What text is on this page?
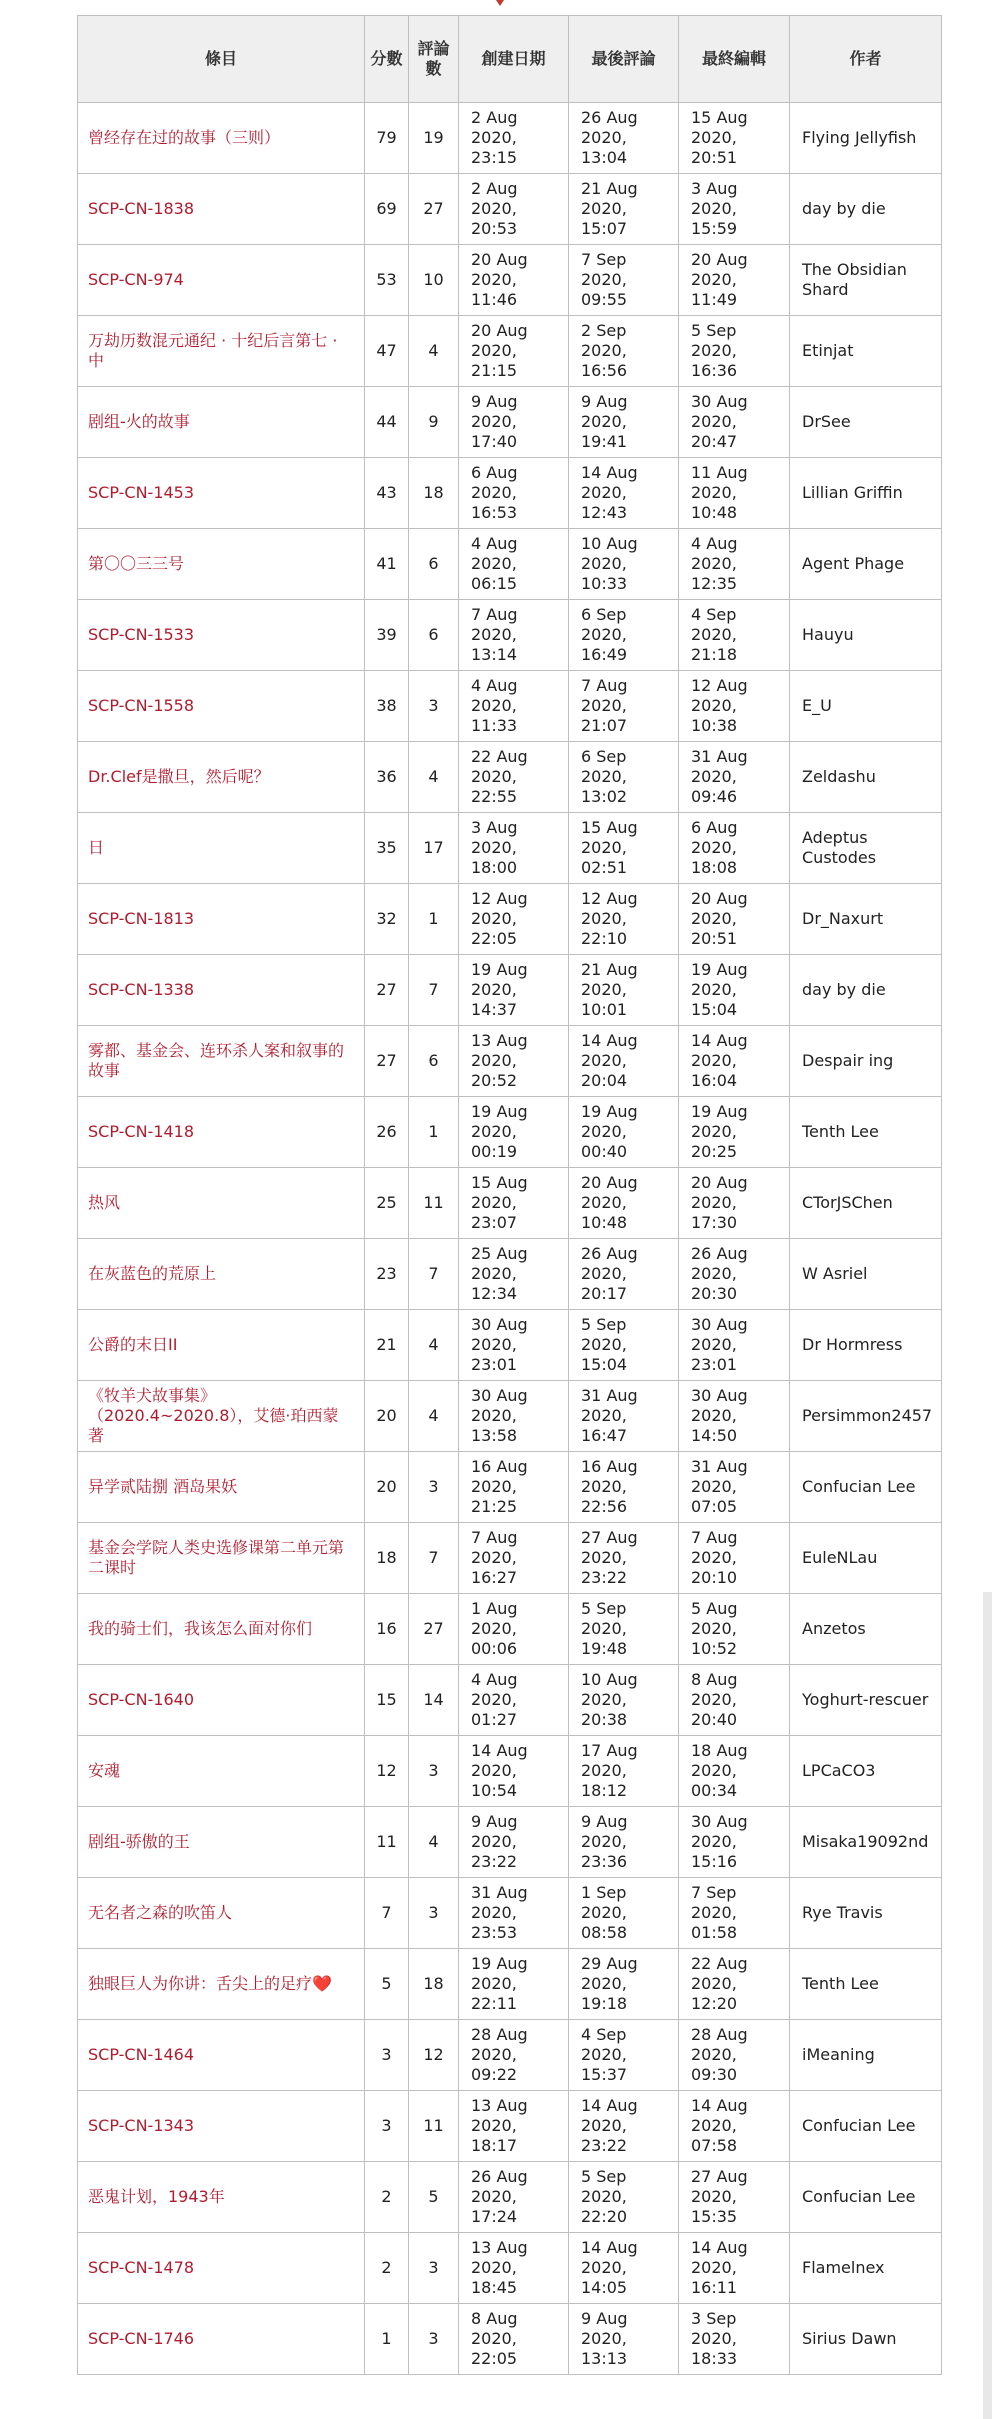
條目	分數	評論數	創建日期	最後評論	最終編輯	作者
曾经存在过的故事（三则）	79	19	2 Aug 2020, 23:15	26 Aug 2020, 13:04	15 Aug 2020, 20:51	Flying Jellyfish
SCP-CN-1838	69	27	2 Aug 2020, 20:53	21 Aug 2020, 15:07	3 Aug 2020, 15:59	day by die
SCP-CN-974	53	10	20 Aug 2020, 11:46	7 Sep 2020, 09:55	20 Aug 2020, 11:49	The Obsidian Shard
万劫历数混元通纪 · 十纪后言第七 · 中	47	4	20 Aug 2020, 21:15	2 Sep 2020, 16:56	5 Sep 2020, 16:36	Etinjat
剧组-火的故事	44	9	9 Aug 2020, 17:40	9 Aug 2020, 19:41	30 Aug 2020, 20:47	DrSee
SCP-CN-1453	43	18	6 Aug 2020, 16:53	14 Aug 2020, 12:43	11 Aug 2020, 10:48	Lillian Griffin
第〇〇三三号	41	6	4 Aug 2020, 06:15	10 Aug 2020, 10:33	4 Aug 2020, 12:35	Agent Phage
SCP-CN-1533	39	6	7 Aug 2020, 13:14	6 Sep 2020, 16:49	4 Sep 2020, 21:18	Hauyu
SCP-CN-1558	38	3	4 Aug 2020, 11:33	7 Aug 2020, 21:07	12 Aug 2020, 10:38	E_U
Dr.Clef是撒旦，然后呢？	36	4	22 Aug 2020, 22:55	6 Sep 2020, 13:02	31 Aug 2020, 09:46	Zeldashu
日	35	17	3 Aug 2020, 18:00	15 Aug 2020, 02:51	6 Aug 2020, 18:08	Adeptus Custodes
SCP-CN-1813	32	1	12 Aug 2020, 22:05	12 Aug 2020, 22:10	20 Aug 2020, 20:51	Dr_Naxurt
SCP-CN-1338	27	7	19 Aug 2020, 14:37	21 Aug 2020, 10:01	19 Aug 2020, 15:04	day by die
雾都、基金会、连环杀人案和叙事的故事	27	6	13 Aug 2020, 20:52	14 Aug 2020, 20:04	14 Aug 2020, 16:04	Despair ing
SCP-CN-1418	26	1	19 Aug 2020, 00:19	19 Aug 2020, 00:40	19 Aug 2020, 20:25	Tenth Lee
热风	25	11	15 Aug 2020, 23:07	20 Aug 2020, 10:48	20 Aug 2020, 17:30	CTorJSChen
在灰蓝色的荒原上	23	7	25 Aug 2020, 12:34	26 Aug 2020, 20:17	26 Aug 2020, 20:30	W Asriel
公爵的末日II	21	4	30 Aug 2020, 23:01	5 Sep 2020, 15:04	30 Aug 2020, 23:01	Dr Hormress
《牧羊犬故事集》（2020.4~2020.8），艾德·珀西蒙著	20	4	30 Aug 2020, 13:58	31 Aug 2020, 16:47	30 Aug 2020, 14:50	Persimmon2457
异学贰陆捌 酒岛果妖	20	3	16 Aug 2020, 21:25	16 Aug 2020, 22:56	31 Aug 2020, 07:05	Confucian Lee
基金会学院人类史选修课第二单元第二课时	18	7	7 Aug 2020, 16:27	27 Aug 2020, 23:22	7 Aug 2020, 20:10	EuleNLau
我的骑士们，我该怎么面对你们	16	27	1 Aug 2020, 00:06	5 Sep 2020, 19:48	5 Aug 2020, 10:52	Anzetos
SCP-CN-1640	15	14	4 Aug 2020, 01:27	10 Aug 2020, 20:38	8 Aug 2020, 20:40	Yoghurt-rescuer
安魂	12	3	14 Aug 2020, 10:54	17 Aug 2020, 18:12	18 Aug 2020, 00:34	LPCaCO3
剧组-骄傲的王	11	4	9 Aug 2020, 23:22	9 Aug 2020, 23:36	30 Aug 2020, 15:16	Misaka19092nd
无名者之森的吹笛人	7	3	31 Aug 2020, 23:53	1 Sep 2020, 08:58	7 Sep 2020, 01:58	Rye Travis
独眼巨人为你讲：舌尖上的足疗❤️	5	18	19 Aug 2020, 22:11	29 Aug 2020, 19:18	22 Aug 2020, 12:20	Tenth Lee
SCP-CN-1464	3	12	28 Aug 2020, 09:22	4 Sep 2020, 15:37	28 Aug 2020, 09:30	iMeaning
SCP-CN-1343	3	11	13 Aug 2020, 18:17	14 Aug 2020, 23:22	14 Aug 2020, 07:58	Confucian Lee
恶鬼计划，1943年	2	5	26 Aug 2020, 17:24	5 Sep 2020, 22:20	27 Aug 2020, 15:35	Confucian Lee
SCP-CN-1478	2	3	13 Aug 2020, 18:45	14 Aug 2020, 14:05	14 Aug 2020, 16:11	Flamelnex
SCP-CN-1746	1	3	8 Aug 2020, 22:05	9 Aug 2020, 13:13	3 Sep 2020, 18:33	Sirius Dawn
